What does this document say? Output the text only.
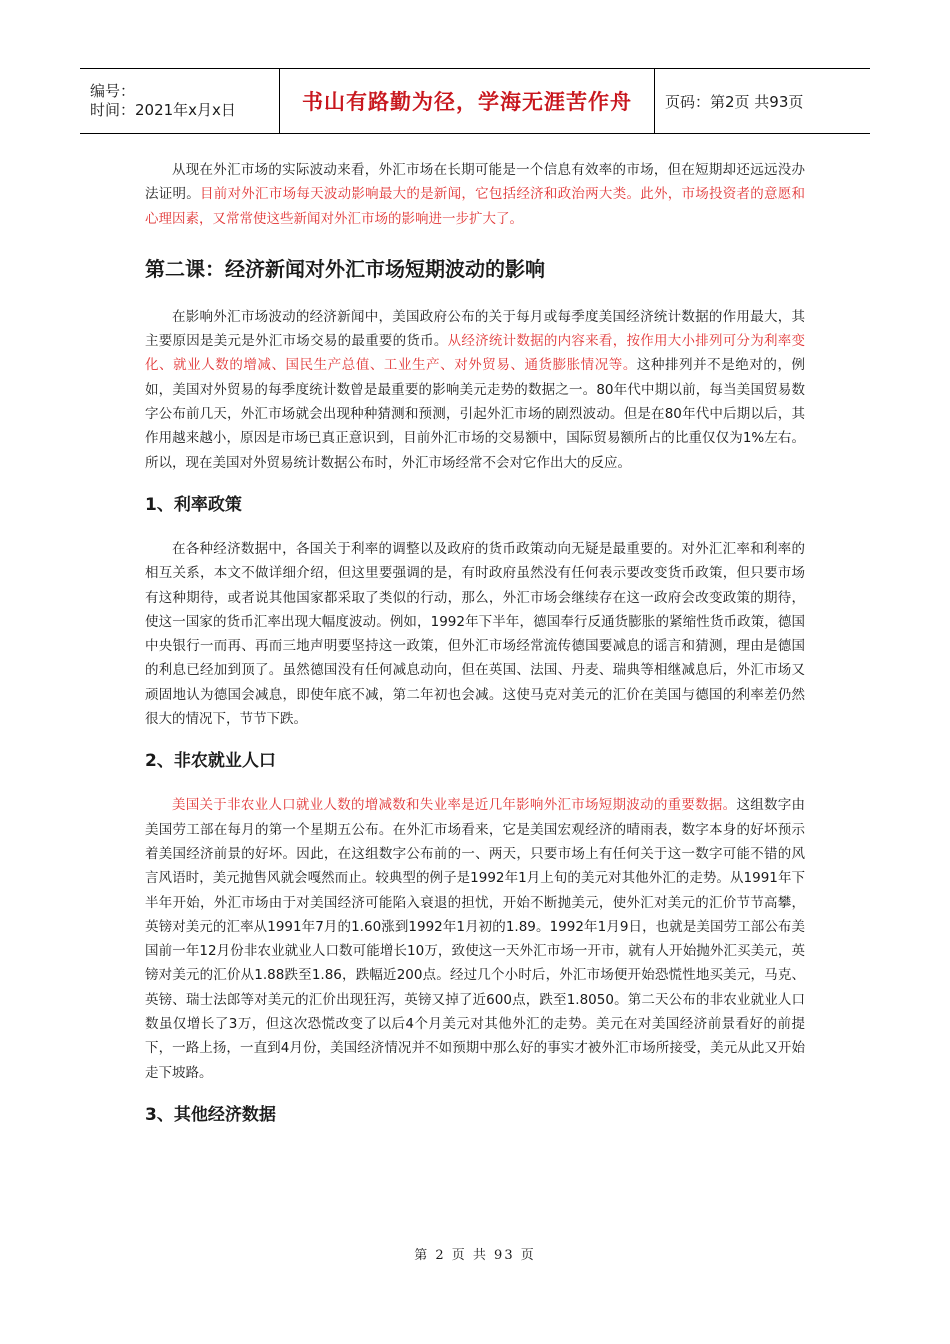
编号：
时间：2021年x月x日	书山有路勤为径，学海无涯苦作舟 页码：第2页 共93页

从现在外汇市场的实际波动来看，外汇市场在长期可能是一个信息有效率的市场，但在短期却还远远没办法证明。目前对外汇市场每天波动影响最大的是新闻，它包括经济和政治两大类。此外，市场投资者的意愿和心理因素，又常常使这些新闻对外汇市场的影响进一步扩大了。

第二课：经济新闻对外汇市场短期波动的影响

在影响外汇市场波动的经济新闻中，美国政府公布的关于每月或每季度美国经济统计数据的作用最大，其主要原因是美元是外汇市场交易的最重要的货币。从经济统计数据的内容来看，按作用大小排列可分为利率变化、就业人数的增减、国民生产总值、工业生产、对外贸易、通货膨胀情况等。这种排列并不是绝对的，例如，美国对外贸易的每季度统计数曾是最重要的影响美元走势的数据之一。80年代中期以前，每当美国贸易数字公布前几天，外汇市场就会出现种种猜测和预测，引起外汇市场的剧烈波动。但是在80年代中后期以后，其作用越来越小，原因是市场已真正意识到，目前外汇市场的交易额中，国际贸易额所占的比重仅仅为1%左右。所以，现在美国对外贸易统计数据公布时，外汇市场经常不会对它作出大的反应。

1、利率政策

在各种经济数据中，各国关于利率的调整以及政府的货币政策动向无疑是最重要的。对外汇汇率和利率的相互关系，本文不做详细介绍，但这里要强调的是，有时政府虽然没有任何表示要改变货币政策，但只要市场有这种期待，或者说其他国家都采取了类似的行动，那么，外汇市场会继续存在这一政府会改变政策的期待，使这一国家的货币汇率出现大幅度波动。例如，1992年下半年，德国奉行反通货膨胀的紧缩性货币政策，德国中央银行一而再、再而三地声明要坚持这一政策，但外汇市场经常流传德国要减息的谣言和猜测，理由是德国的利息已经加到顶了。虽然德国没有任何减息动向，但在英国、法国、丹麦、瑞典等相继减息后，外汇市场又顽固地认为德国会减息，即使年底不减，第二年初也会减。这使马克对美元的汇价在美国与德国的利率差仍然很大的情况下，节节下跌。

2、非农就业人口

美国关于非农业人口就业人数的增减数和失业率是近几年影响外汇市场短期波动的重要数据。这组数字由美国劳工部在每月的第一个星期五公布。在外汇市场看来，它是美国宏观经济的晴雨表，数字本身的好坏预示着美国经济前景的好坏。因此，在这组数字公布前的一、两天，只要市场上有任何关于这一数字可能不错的风言风语时，美元抛售风就会嘎然而止。较典型的例子是1992年1月上旬的美元对其他外汇的走势。从1991年下半年开始，外汇市场由于对美国经济可能陷入衰退的担忧，开始不断抛美元，使外汇对美元的汇价节节高攀，英镑对美元的汇率从1991年7月的1.60涨到1992年1月初的1.89。1992年1月9日，也就是美国劳工部公布美国前一年12月份非农业就业人口数可能增长10万，致使这一天外汇市场一开市，就有人开始抛外汇买美元，英镑对美元的汇价从1.88跌至1.86，跌幅近200点。经过几个小时后，外汇市场便开始恐慌性地买美元，马克、英镑、瑞士法郎等对美元的汇价出现狂泻，英镑又掉了近600点，跌至1.8050。第二天公布的非农业就业人口数虽仅增长了3万，但这次恐慌改变了以后4个月美元对其他外汇的走势。美元在对美国经济前景看好的前提下，一路上扬，一直到4月份，美国经济情况并不如预期中那么好的事实才被外汇市场所接受，美元从此又开始走下坡路。

3、其他经济数据
第 2 页 共 93 页
